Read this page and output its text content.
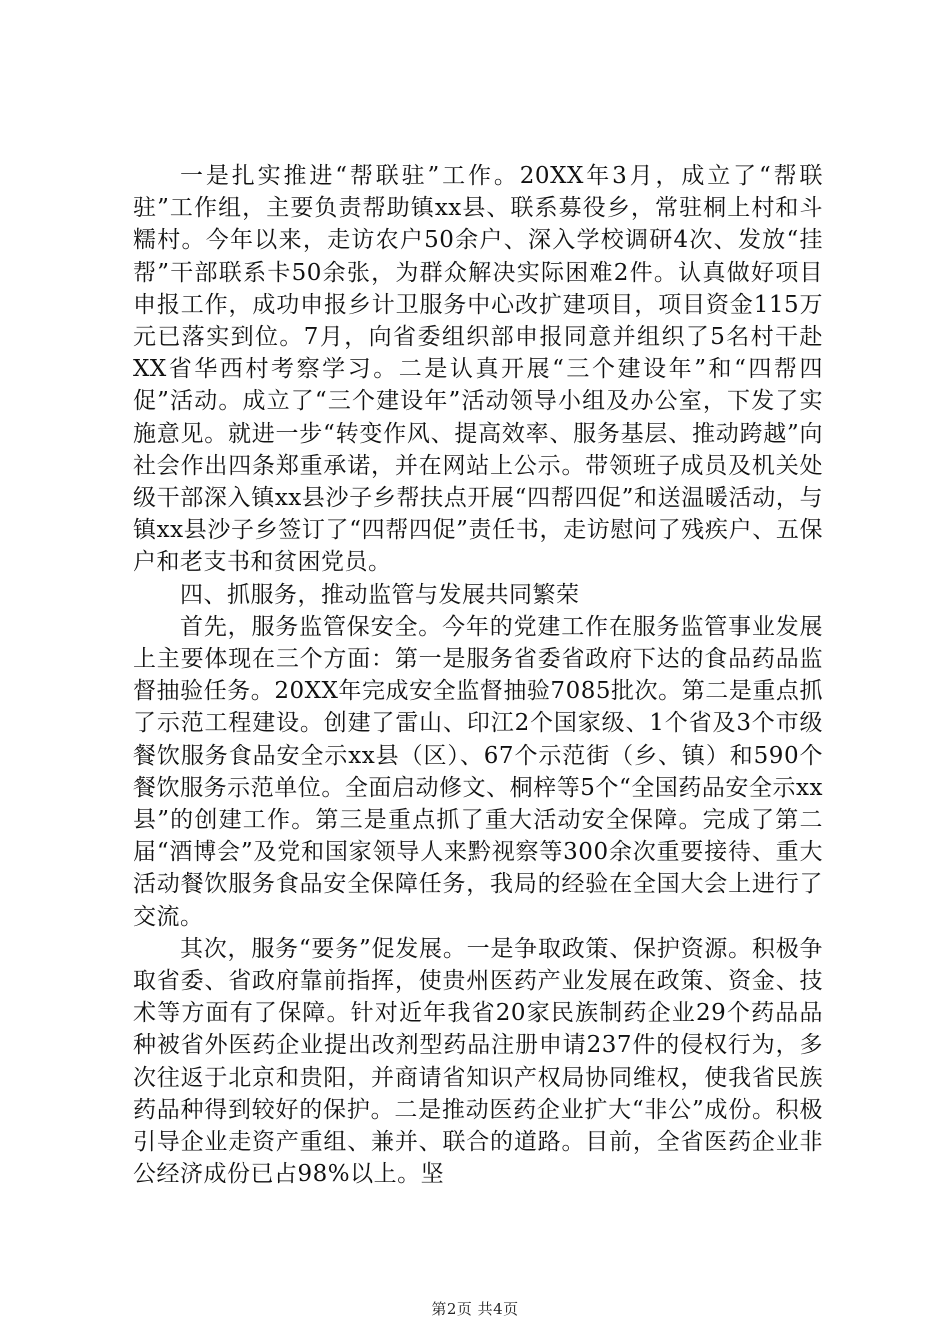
一是扎实推进“帮联驻”工作。20XX年3月，成立了“帮联驻”工作组，主要负责帮助镇xx县、联系募役乡，常驻桐上村和斗糯村。今年以来，走访农户50余户、深入学校调研4次、发放“挂帮”干部联系卡50余张，为群众解决实际困难2件。认真做好项目申报工作，成功申报乡计卫服务中心改扩建项目，项目资金115万元已落实到位。7月，向省委组织部申报同意并组织了5名村干赴XX省华西村考察学习。二是认真开展“三个建设年”和“四帮四促”活动。成立了“三个建设年”活动领导小组及办公室，下发了实施意见。就进一步“转变作风、提高效率、服务基层、推动跨越”向社会作出四条郑重承诺，并在网站上公示。带领班子成员及机关处级干部深入镇xx县沙子乡帮扶点开展“四帮四促”和送温暖活动，与镇xx县沙子乡签订了“四帮四促”责任书，走访慰问了残疾户、五保户和老支书和贫困党员。

四、抓服务，推动监管与发展共同繁荣

首先，服务监管保安全。今年的党建工作在服务监管事业发展上主要体现在三个方面：第一是服务省委省政府下达的食品药品监督抽验任务。20XX年完成安全监督抽验7085批次。第二是重点抓了示范工程建设。创建了雷山、印江2个国家级、1个省及3个市级餐饮服务食品安全示xx县（区）、67个示范街（乡、镇）和590个餐饮服务示范单位。全面启动修文、桐梓等5个“全国药品安全示xx县”的创建工作。第三是重点抓了重大活动安全保障。完成了第二届“酒博会”及党和国家领导人来黔视察等300余次重要接待、重大活动餐饮服务食品安全保障任务，我局的经验在全国大会上进行了交流。

其次，服务“要务”促发展。一是争取政策、保护资源。积极争取省委、省政府靠前指挥，使贵州医药产业发展在政策、资金、技术等方面有了保障。针对近年我省20家民族制药企业29个药品品种被省外医药企业提出改剂型药品注册申请237件的侵权行为，多次往返于北京和贵阳，并商请省知识产权局协同维权，使我省民族药品种得到较好的保护。二是推动医药企业扩大“非公”成份。积极引导企业走资产重组、兼并、联合的道路。目前，全省医药企业非公经济成份已占98%以上。坚

第2页 共4页
